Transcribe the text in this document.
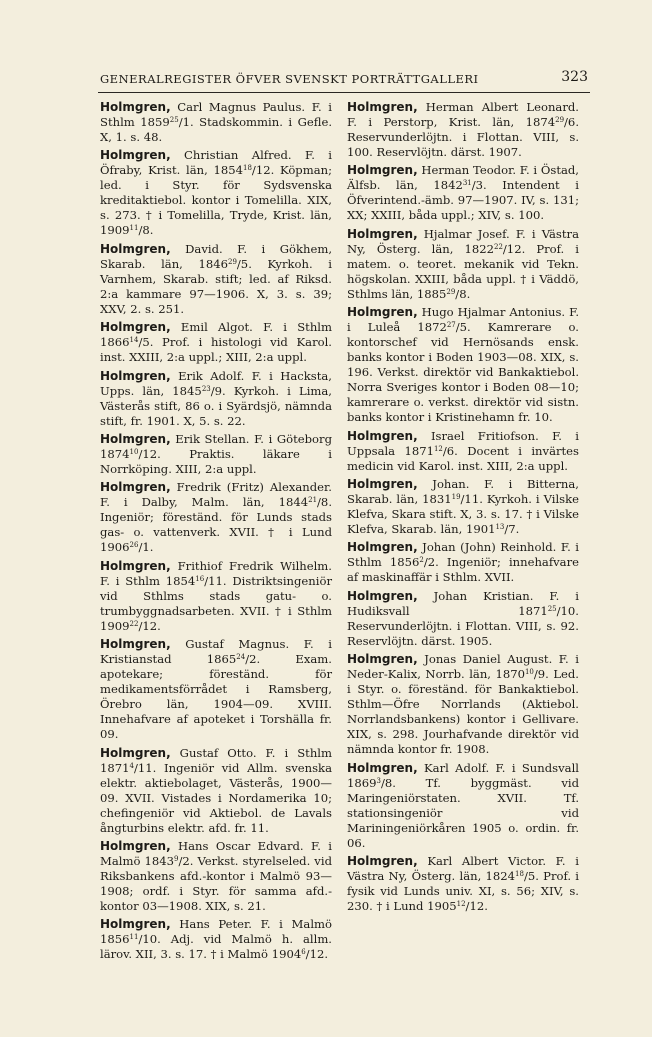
GENERALREGISTER ÖFVER SVENSKT PORTRÄTTGALLERI	323

Holmgren, Carl Magnus Paulus. F. i Sthlm 1859$^{25}$/1. Stadskommin. i Gefle. X, 1. s. 48.

Holmgren, Christian Alfred. F. i Öfraby, Krist. län, 1854$^{18}$/12. Köpman; led. i Styr. för Sydsvenska kreditaktiebol. kontor i Tomelilla. XIX, s. 273. † i Tomelilla, Tryde, Krist. län, 1909$^{11}$/8.

Holmgren, David. F. i Gökhem, Skarab. län, 1846$^{29}$/5. Kyrkoh. i Varnhem, Skarab. stift; led. af Riksd. 2:a kammare 97—1906. X, 3. s. 39; XXV, 2. s. 251.

Holmgren, Emil Algot. F. i Sthlm 1866$^{14}$/5. Prof. i histologi vid Karol. inst. XXIII, 2:a uppl.; XIII, 2:a uppl.

Holmgren, Erik Adolf. F. i Hacksta, Upps. län, 1845$^{23}$/9. Kyrkoh. i Lima, Västerås stift, 86 o. i Syärdsjö, nämnda stift, fr. 1901. X, 5. s. 22.

Holmgren, Erik Stellan. F. i Göteborg 1874$^{10}$/12. Praktis. läkare i Norrköping. XIII, 2:a uppl.

Holmgren, Fredrik (Fritz) Alexander. F. i Dalby, Malm. län, 1844$^{21}$/8. Ingeniör; föreständ. för Lunds stads gas- o. vattenverk. XVII. † i Lund 1906$^{26}$/1.

Holmgren, Frithiof Fredrik Wilhelm. F. i Sthlm 1854$^{16}$/11. Distriktsingeniör vid Sthlms stads gatu- o. trumbyggnadsarbeten. XVII. † i Sthlm 1909$^{22}$/12.

Holmgren, Gustaf Magnus. F. i Kristianstad 1865$^{24}$/2. Exam. apotekare; föreständ. för medikamentsförrådet i Ramsberg, Örebro län, 1904—09. XVIII. Innehafvare af apoteket i Torshälla fr. 09.

Holmgren, Gustaf Otto. F. i Sthlm 1871$^4$/11. Ingeniör vid Allm. svenska elektr. aktiebolaget, Västerås, 1900—09. XVII. Vistades i Nordamerika 10; chefingeniör vid Aktiebol. de Lavals ångturbins elektr. afd. fr. 11.

Holmgren, Hans Oscar Edvard. F. i Malmö 1843$^9$/2. Verkst. styrelseled. vid Riksbankens afd.-kontor i Malmö 93—1908; ordf. i Styr. för samma afd.-kontor 03—1908. XIX, s. 21.

Holmgren, Hans Peter. F. i Malmö 1856$^{11}$/10. Adj. vid Malmö h. allm. lärov. XII, 3. s. 17. † i Malmö 1904$^6$/12.

Holmgren, Herman Albert Leonard. F. i Perstorp, Krist. län, 1874$^{29}$/6. Reservunderlöjtn. i Flottan. VIII, s. 100. Reservlöjtn. därst. 1907.

Holmgren, Herman Teodor. F. i Östad, Älfsb. län, 1842$^{31}$/3. Intendent i Öfverintend.-ämb. 97—1907. IV, s. 131; XX; XXIII, båda uppl.; XIV, s. 100.

Holmgren, Hjalmar Josef. F. i Västra Ny, Österg. län, 1822$^{22}$/12. Prof. i matem. o. teoret. mekanik vid Tekn. högskolan. XXIII, båda uppl. † i Väddö, Sthlms län, 1885$^{29}$/8.

Holmgren, Hugo Hjalmar Antonius. F. i Luleå 1872$^{27}$/5. Kamrerare o. kontorschef vid Hernösands ensk. banks kontor i Boden 1903—08. XIX, s. 196. Verkst. direktör vid Bankaktiebol. Norra Sveriges kontor i Boden 08—10; kamrerare o. verkst. direktör vid sistn. banks kontor i Kristinehamn fr. 10.

Holmgren, Israel Fritiofson. F. i Uppsala 1871$^{12}$/6. Docent i invärtes medicin vid Karol. inst. XIII, 2:a uppl.

Holmgren, Johan. F. i Bitterna, Skarab. län, 1831$^{19}$/11. Kyrkoh. i Vilske Klefva, Skara stift. X, 3. s. 17. † i Vilske Klefva, Skarab. län, 1901$^{13}$/7.

Holmgren, Johan (John) Reinhold. F. i Sthlm 1856$^2$/2. Ingeniör; innehafvare af maskinaffär i Sthlm. XVII.

Holmgren, Johan Kristian. F. i Hudiksvall 1871$^{25}$/10. Reservunderlöjtn. i Flottan. VIII, s. 92. Reservlöjtn. därst. 1905.

Holmgren, Jonas Daniel August. F. i Neder-Kalix, Norrb. län, 1870$^{10}$/9. Led. i Styr. o. föreständ. för Bankaktiebol. Sthlm—Öfre Norrlands (Aktiebol. Norrlandsbankens) kontor i Gellivare. XIX, s. 298. Jourhafvande direktör vid nämnda kontor fr. 1908.

Holmgren, Karl Adolf. F. i Sundsvall 1869$^3$/8. Tf. byggmäst. vid Maringeniörstaten. XVII. Tf. stationsingeniör vid Mariningeniörkåren 1905 o. ordin. fr. 06.

Holmgren, Karl Albert Victor. F. i Västra Ny, Österg. län, 1824$^{18}$/5. Prof. i fysik vid Lunds univ. XI, s. 56; XIV, s. 230. † i Lund 1905$^{12}$/12.
